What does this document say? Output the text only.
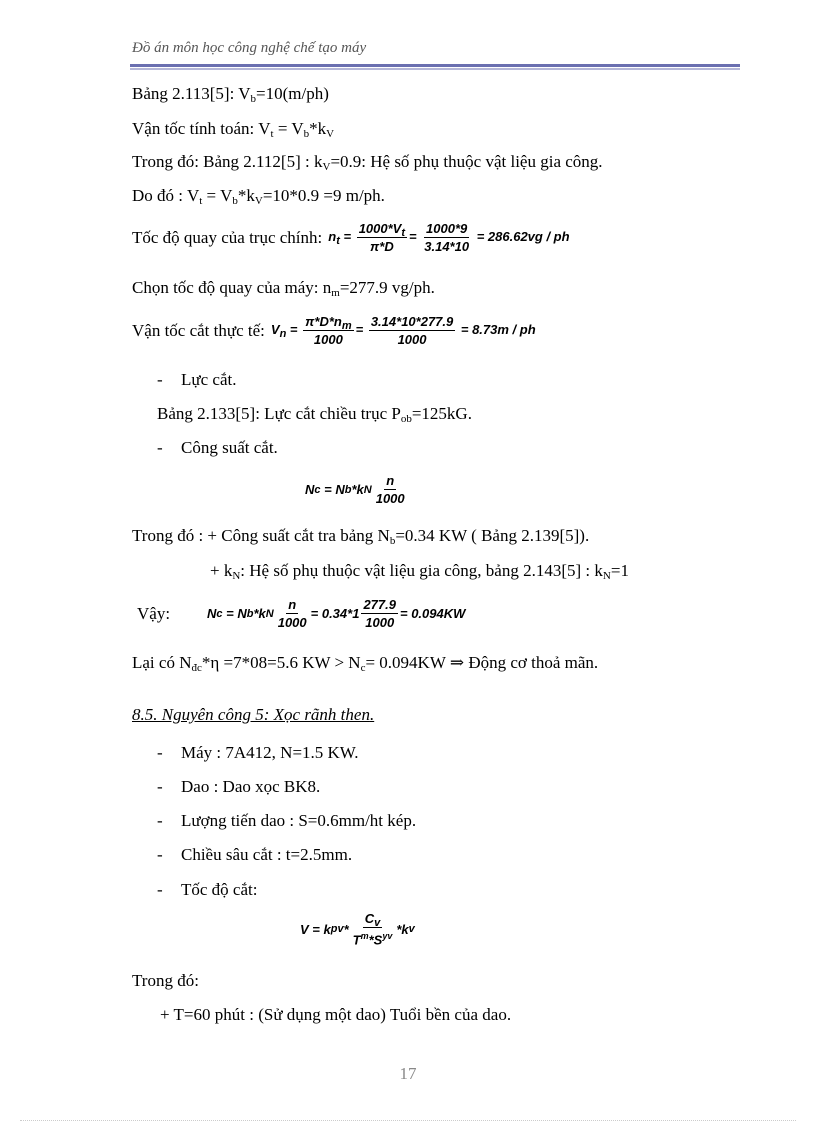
Đồ án môn học công nghệ chế tạo máy
Bảng 2.113[5]: $V_b=10(m/ph)$
Vận tốc tính toán: $V_t = V_b*k_V$
Trong đó: Bảng 2.112[5] : $k_V=0.9$: Hệ số phụ thuộc vật liệu gia công.
Do đó : $V_t = V_b*k_V=10*0.9 =9$ m/ph.
Tốc độ quay của trục chính: $n_t = \frac{1000*V_t}{\pi*D} = \frac{1000*9}{3.14*10} = 286.62vg$ / ph
Chọn tốc độ quay của máy: $n_m=277.9$ vg/ph.
Vận tốc cắt thực tế: $V_n = \frac{\pi*D*n_m}{1000} = \frac{3.14*10*277.9}{1000} = 8.73m$ / ph
- Lực cắt.
Bảng 2.133[5]: Lực cắt chiều trục $P_{ob}=125kG$.
- Công suất cắt.
N c
= N b *k N
n
1000
Trong đó : + Công suất cắt tra bảng $N_b=0.34$ KW ( Bảng 2.139[5]).
+ $k_N$: Hệ số phụ thuộc vật liệu gia công, bảng 2.143[5] : $k_N=1$
Vậy:	N c
= N b *k N $\frac{n}{1000} = 0.34*1 \frac{277.9}{1000} = 0.094KW$
Lại có $N_{đc}*\eta =7*08=5.6$ KW > $N_c= 0.094KW$ ⇒ Động cơ thoả mãn.
8.5. Nguyên công 5: Xọc rãnh then.
- Máy : 7A412, N=1.5 KW.
- Dao : Dao xọc BK8.
- Lượng tiến dao : S=0.6mm/ht kép.
- Chiều sâu cắt : t=2.5mm.
- Tốc độ cắt:
V = k pv *
$C_v$
$T^m*S^{yv}$ *k v
Trong đó:
+ T=60 phút : (Sử dụng một dao) Tuổi bền của dao.
17
